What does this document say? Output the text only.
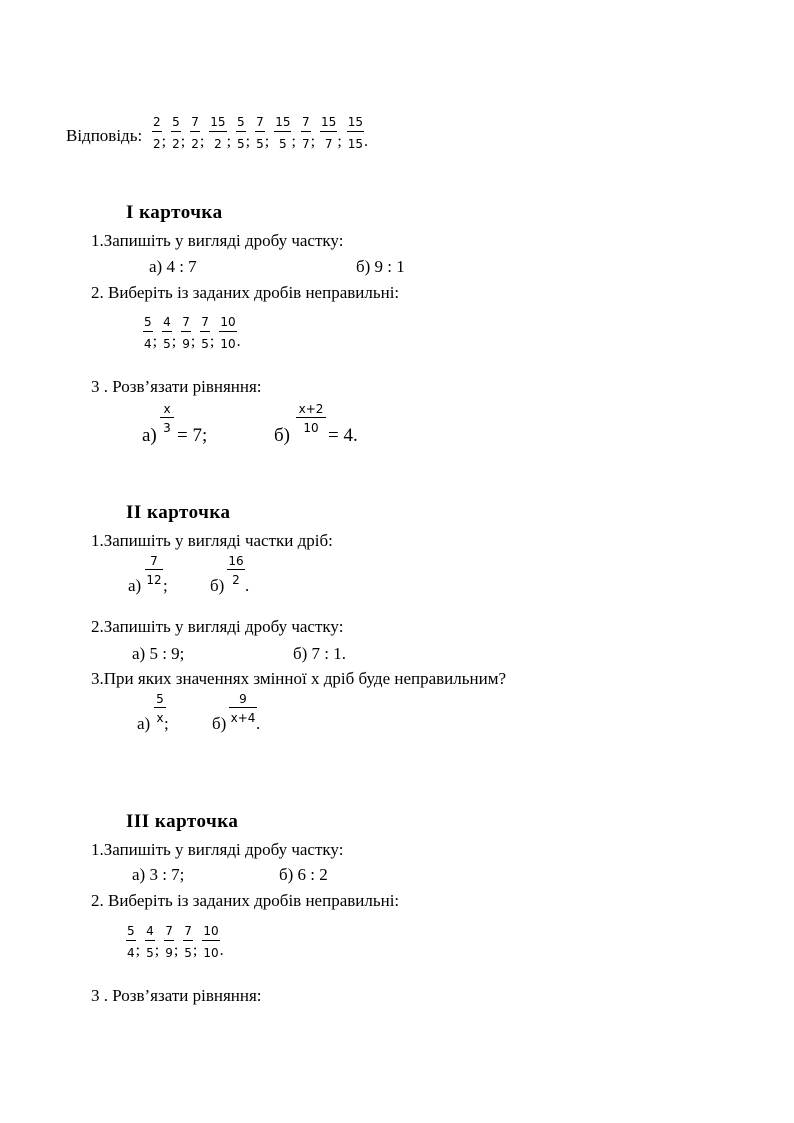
Відповідь: $\frac{2}{2}$ ; $\frac{5}{2}$ ; $\frac{7}{2}$ ; $\frac{15}{2}$ ; $\frac{5}{5}$ ; $\frac{7}{5}$ ; $\frac{15}{5}$ ; $\frac{7}{7}$ ; $\frac{15}{7}$ ; $\frac{15}{15}$ .
І карточка
1.Запишіть у вигляді дробу частку:
а) 4 : 7	б) 9 : 1
2. Виберіть із заданих дробів неправильні:
$\frac{5}{4}$ ; $\frac{4}{5}$ ; $\frac{7}{9}$ ; $\frac{7}{5}$ ; $\frac{10}{10}$ .
3 . Розв’язати рівняння:
а)
$\frac{x}{3}$
= 7;	б)
$\frac{x+2}{10}$
= 4.
ІІ карточка
1.Запишіть у вигляді частки дріб:
$а) \frac{7}{12}$ ; $б) \frac{16}{2}$ .
2.Запишіть у вигляді дробу частку:
а) 5 : 9;	б) 7 : 1.
3.При яких значеннях змінної х дріб буде неправильним?
$а) \frac{5}{x}$
;	$б) \frac{9}{x+4}$ .
ІІІ карточка
1.Запишіть у вигляді дробу частку:
а) 3 : 7;	б) 6 : 2
2. Виберіть із заданих дробів неправильні:
$\frac{5}{4}$ ; $\frac{4}{5}$ ; $\frac{7}{9}$ ; $\frac{7}{5}$ ; $\frac{10}{10}$ .
3 . Розв’язати рівняння:
